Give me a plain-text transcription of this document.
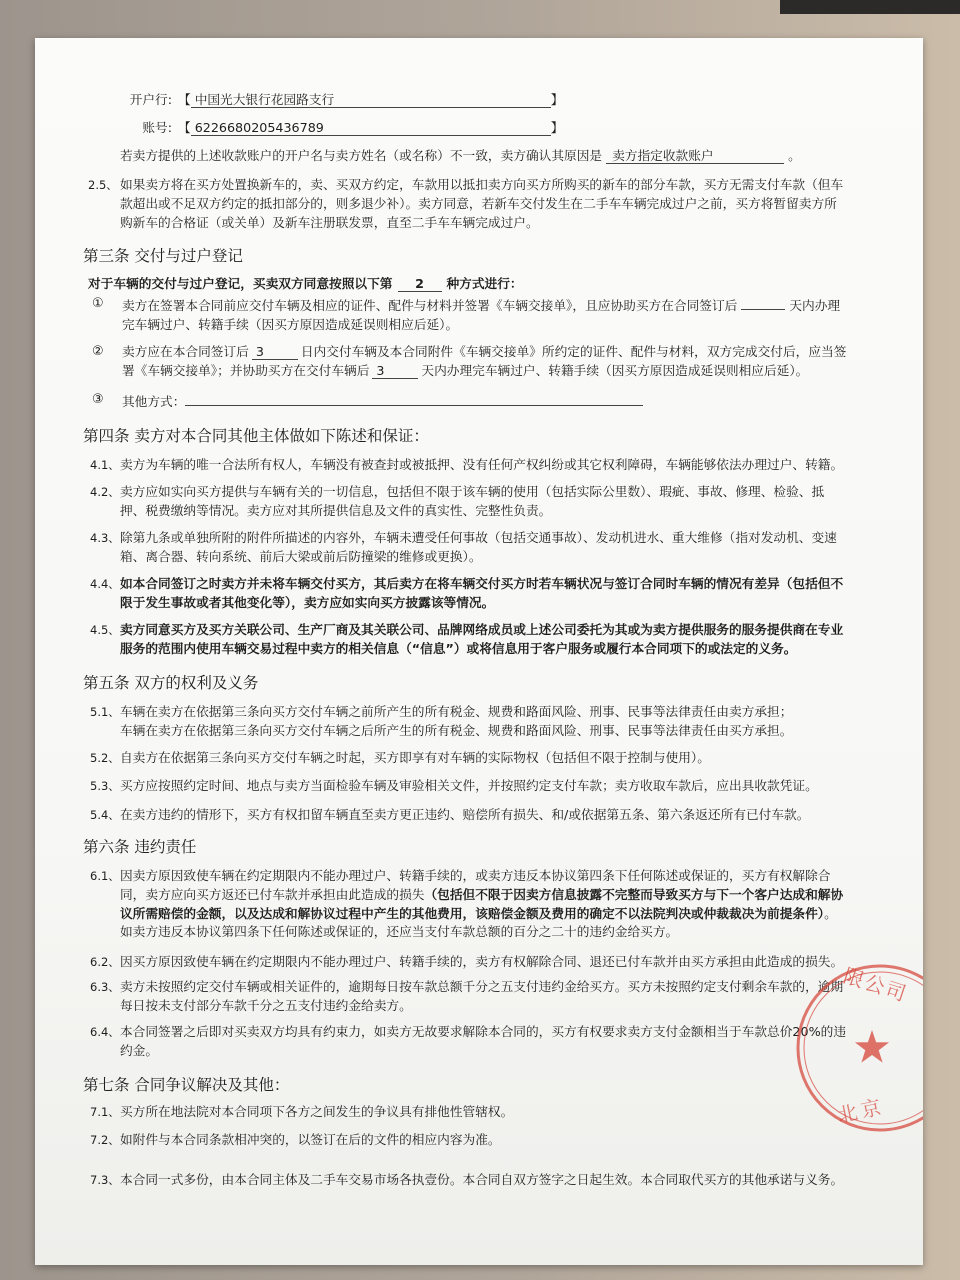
开户行: 【 中国光大银行花园路支行	】
账号: 【 6226680205436789	】
若卖方提供的上述收款账户的开户名与卖方姓名（或名称）不一致，卖方确认其原因是 卖方指定收款账户	。
2.5、 如果卖方将在买方处置换新车的，卖、买双方约定，车款用以抵扣卖方向买方所购买的新车的部分车款，买方无需支付车款（但车
款超出或不足双方约定的抵扣部分的，则多退少补）。卖方同意，若新车交付发生在二手车车辆完成过户之前，买方将暂留卖方所
购新车的合格证（或关单）及新车注册联发票，直至二手车车辆完成过户。
第三条 交付与过户登记
对于车辆的交付与过户登记，买卖双方同意按照以下第 2 种方式进行：
① 卖方在签署本合同前应交付车辆及相应的证件、配件与材料并签署《车辆交接单》，且应协助买方在合同签订后	天内办理
完车辆过户、转籍手续（因买方原因造成延误则相应后延）。
② 卖方应在本合同签订后 3	日内交付车辆及本合同附件《车辆交接单》所约定的证件、配件与材料，双方完成交付后，应当签
署《车辆交接单》；并协助买方在交付车辆后 3	天内办理完车辆过户、转籍手续（因买方原因造成延误则相应后延）。
③ 其他方式：
第四条 卖方对本合同其他主体做如下陈述和保证：
4.1、 卖方为车辆的唯一合法所有权人，车辆没有被查封或被抵押、没有任何产权纠纷或其它权利障碍，车辆能够依法办理过户、转籍。
4.2、 卖方应如实向买方提供与车辆有关的一切信息，包括但不限于该车辆的使用（包括实际公里数）、瑕疵、事故、修理、检验、抵
押、税费缴纳等情况。卖方应对其所提供信息及文件的真实性、完整性负责。
4.3、 除第九条或单独所附的附件所描述的内容外，车辆未遭受任何事故（包括交通事故）、发动机进水、重大维修（指对发动机、变速
箱、离合器、转向系统、前后大梁或前后防撞梁的维修或更换）。
4.4、 如本合同签订之时卖方并未将车辆交付买方，其后卖方在将车辆交付买方时若车辆状况与签订合同时车辆的情况有差异（包括但不
限于发生事故或者其他变化等），卖方应如实向买方披露该等情况。
4.5、 卖方同意买方及买方关联公司、生产厂商及其关联公司、品牌网络成员或上述公司委托为其或为卖方提供服务的服务提供商在专业
服务的范围内使用车辆交易过程中卖方的相关信息（“信息”）或将信息用于客户服务或履行本合同项下的或法定的义务。
第五条 双方的权利及义务
5.1、 车辆在卖方在依据第三条向买方交付车辆之前所产生的所有税金、规费和路面风险、刑事、民事等法律责任由卖方承担；
车辆在卖方在依据第三条向买方交付车辆之后所产生的所有税金、规费和路面风险、刑事、民事等法律责任由买方承担。
5.2、 自卖方在依据第三条向买方交付车辆之时起，买方即享有对车辆的实际物权（包括但不限于控制与使用）。
5.3、 买方应按照约定时间、地点与卖方当面检验车辆及审验相关文件，并按照约定支付车款；卖方收取车款后，应出具收款凭证。
5.4、 在卖方违约的情形下，买方有权扣留车辆直至卖方更正违约、赔偿所有损失、和/或依据第五条、第六条返还所有已付车款。
第六条 违约责任
6.1、 因卖方原因致使车辆在约定期限内不能办理过户、转籍手续的，或卖方违反本协议第四条下任何陈述或保证的，买方有权解除合
同，卖方应向买方返还已付车款并承担由此造成的损失（包括但不限于因卖方信息披露不完整而导致买方与下一个客户达成和解协
议所需赔偿的金额，以及达成和解协议过程中产生的其他费用，该赔偿金额及费用的确定不以法院判决或仲裁裁决为前提条件）。
如卖方违反本协议第四条下任何陈述或保证的，还应当支付车款总额的百分之二十的违约金给买方。
6.2、 因买方原因致使车辆在约定期限内不能办理过户、转籍手续的，卖方有权解除合同、退还已付车款并由买方承担由此造成的损失。
6.3、 卖方未按照约定交付车辆或相关证件的，逾期每日按车款总额千分之五支付违约金给买方。买方未按照约定支付剩余车款的，逾期
每日按未支付部分车款千分之五支付违约金给卖方。
6.4、 本合同签署之后即对买卖双方均具有约束力，如卖方无故要求解除本合同的，买方有权要求卖方支付金额相当于车款总价20%的违
约金。
第七条 合同争议解决及其他：
7.1、 买方所在地法院对本合同项下各方之间发生的争议具有排他性管辖权。
7.2、 如附件与本合同条款相冲突的，以签订在后的文件的相应内容为准。
7.3、 本合同一式多份，由本合同主体及二手车交易市场各执壹份。本合同自双方签字之日起生效。本合同取代买方的其他承诺与义务。
限公司
北京
